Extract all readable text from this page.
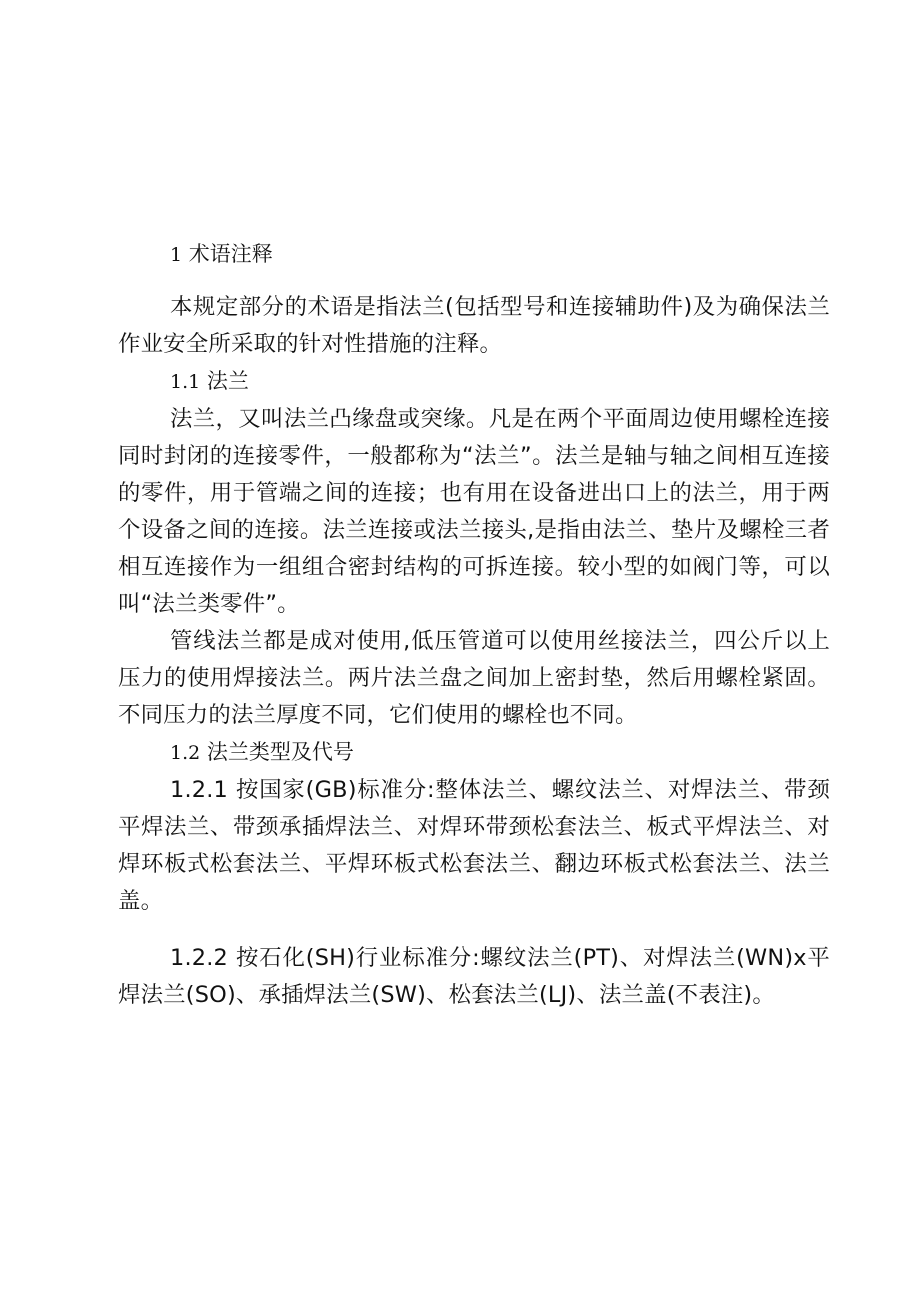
1 术语注释

本规定部分的术语是指法兰(包括型号和连接辅助件)及为确保法兰作业安全所采取的针对性措施的注释。

1.1 法兰

法兰，又叫法兰凸缘盘或突缘。凡是在两个平面周边使用螺栓连接同时封闭的连接零件，一般都称为“法兰”。法兰是轴与轴之间相互连接的零件，用于管端之间的连接；也有用在设备进出口上的法兰，用于两个设备之间的连接。法兰连接或法兰接头,是指由法兰、垫片及螺栓三者相互连接作为一组组合密封结构的可拆连接。较小型的如阀门等，可以叫“法兰类零件”。

管线法兰都是成对使用,低压管道可以使用丝接法兰，四公斤以上压力的使用焊接法兰。两片法兰盘之间加上密封垫，然后用螺栓紧固。不同压力的法兰厚度不同，它们使用的螺栓也不同。

1.2 法兰类型及代号

1.2.1 按国家(GB)标准分:整体法兰、螺纹法兰、对焊法兰、带颈平焊法兰、带颈承插焊法兰、对焊环带颈松套法兰、板式平焊法兰、对焊环板式松套法兰、平焊环板式松套法兰、翻边环板式松套法兰、法兰盖。

1.2.2 按石化(SH)行业标准分:螺纹法兰(PT)、对焊法兰(WN)x平焊法兰(SO)、承插焊法兰(SW)、松套法兰(LJ)、法兰盖(不表注)。
